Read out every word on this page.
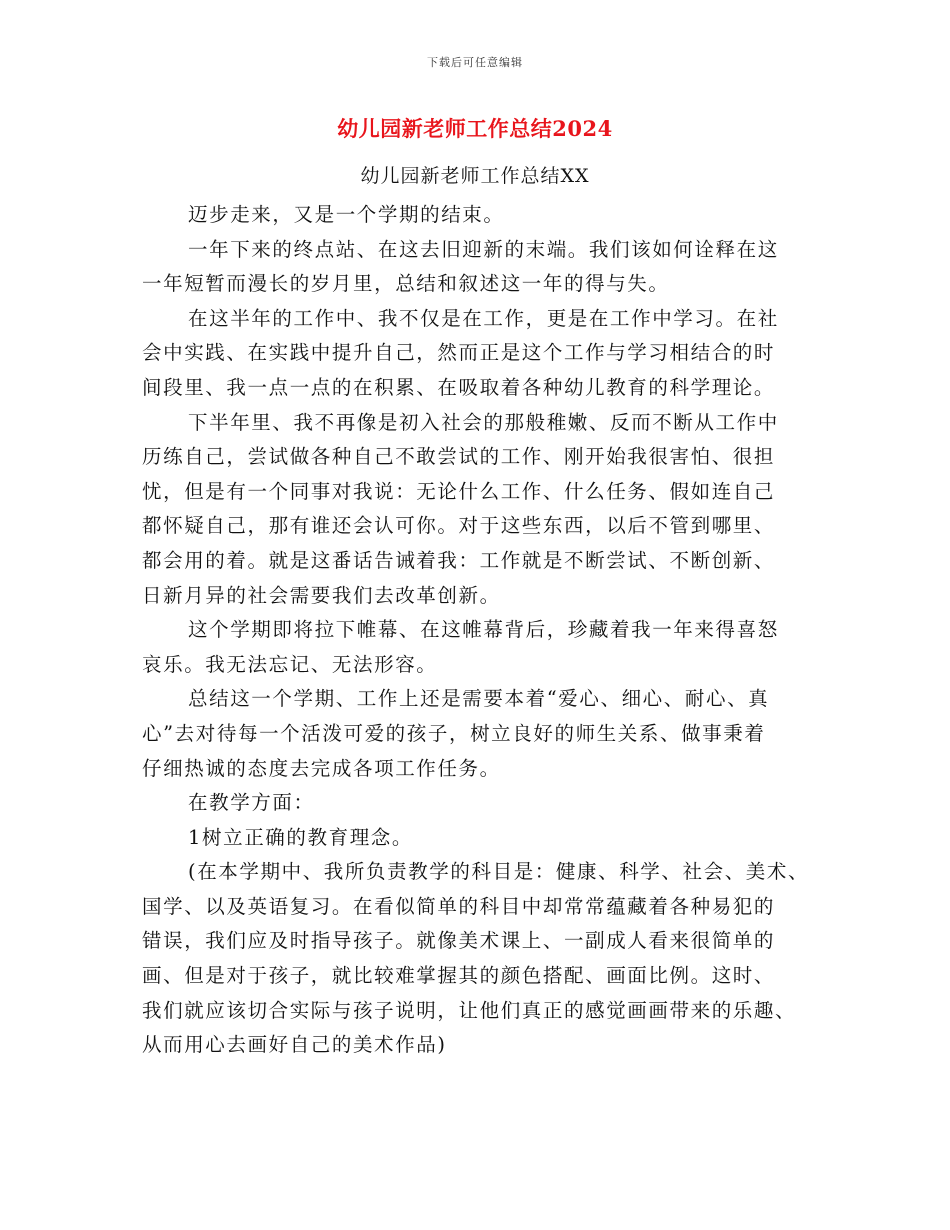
下载后可任意编辑
幼儿园新老师工作总结2024
幼儿园新老师工作总结XX
迈步走来，又是一个学期的结束。
一年下来的终点站、在这去旧迎新的末端。我们该如何诠释在这
一年短暂而漫长的岁月里，总结和叙述这一年的得与失。
在这半年的工作中、我不仅是在工作，更是在工作中学习。在社
会中实践、在实践中提升自己，然而正是这个工作与学习相结合的时
间段里、我一点一点的在积累、在吸取着各种幼儿教育的科学理论。
下半年里、我不再像是初入社会的那般稚嫩、反而不断从工作中
历练自己，尝试做各种自己不敢尝试的工作、刚开始我很害怕、很担
忧，但是有一个同事对我说：无论什么工作、什么任务、假如连自己
都怀疑自己，那有谁还会认可你。对于这些东西，以后不管到哪里、
都会用的着。就是这番话告诫着我：工作就是不断尝试、不断创新、
日新月异的社会需要我们去改革创新。
这个学期即将拉下帷幕、在这帷幕背后，珍藏着我一年来得喜怒
哀乐。我无法忘记、无法形容。
总结这一个学期、工作上还是需要本着“爱心、细心、耐心、真
心”去对待每一个活泼可爱的孩子，树立良好的师生关系、做事秉着
仔细热诚的态度去完成各项工作任务。
在教学方面：
1树立正确的教育理念。
(在本学期中、我所负责教学的科目是：健康、科学、社会、美术、
国学、以及英语复习。在看似简单的科目中却常常蕴藏着各种易犯的
错误，我们应及时指导孩子。就像美术课上、一副成人看来很简单的
画、但是对于孩子，就比较难掌握其的颜色搭配、画面比例。这时、
我们就应该切合实际与孩子说明，让他们真正的感觉画画带来的乐趣、
从而用心去画好自己的美术作品)
